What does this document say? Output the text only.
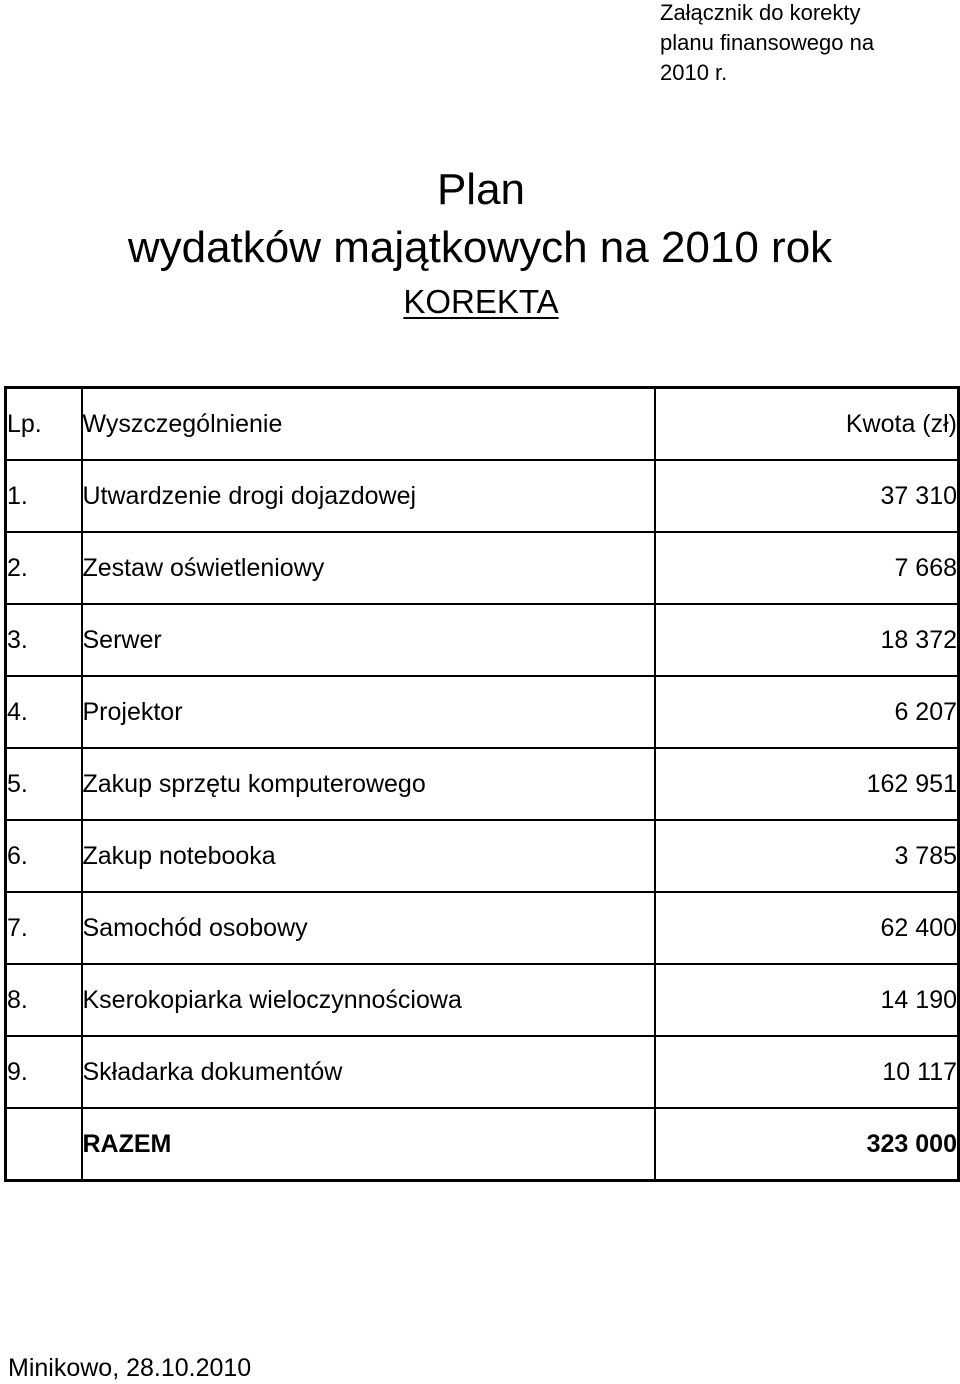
Załącznik do korekty
planu finansowego na
2010 r.
Plan
wydatków majątkowych na 2010 rok
KOREKTA
Lp.	Wyszczególnienie	Kwota (zł)
1.	Utwardzenie drogi dojazdowej	37 310
2.	Zestaw oświetleniowy	7 668
3.	Serwer	18 372
4.	Projektor	6 207
5.	Zakup sprzętu komputerowego	162 951
6.	Zakup notebooka	3 785
7.	Samochód osobowy	62 400
8.	Kserokopiarka wieloczynnościowa	14 190
9.	Składarka dokumentów	10 117
	RAZEM	323 000
Minikowo, 28.10.2010
